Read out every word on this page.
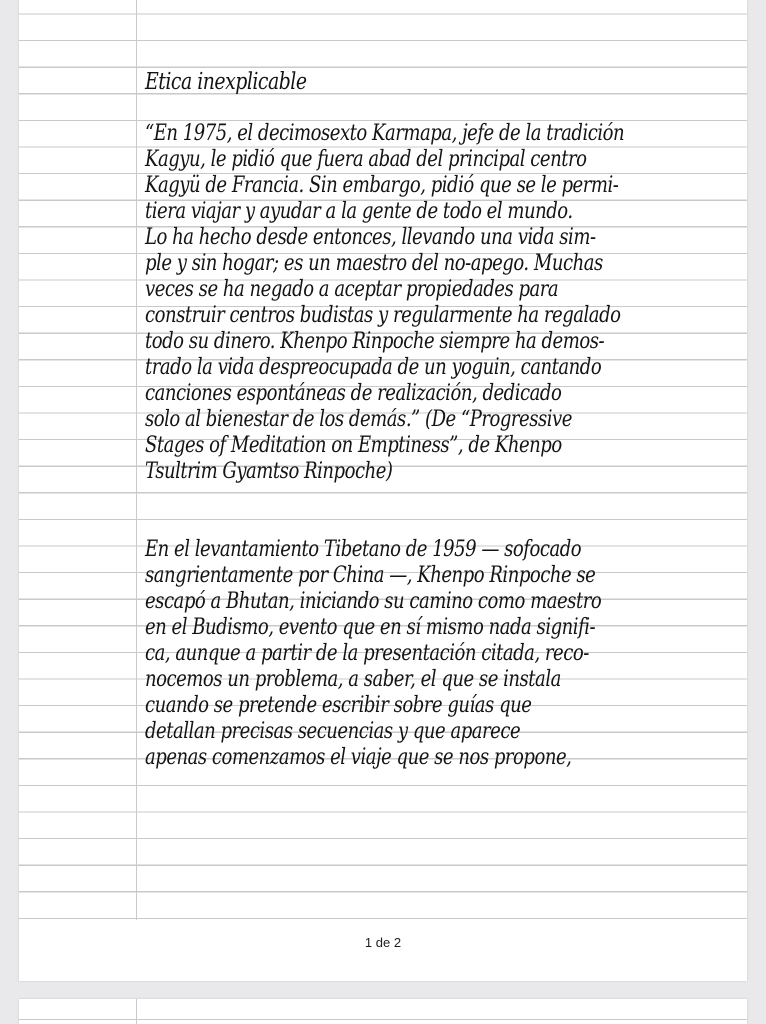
Etica inexplicable
“En 1975, el decimosexto Karmapa, jefe de la tradición
Kagyu, le pidió que fuera abad del principal centro
Kagyü de Francia. Sin embargo, pidió que se le permi-
tiera viajar y ayudar a la gente de todo el mundo.
Lo ha hecho desde entonces, llevando una vida sim-
ple y sin hogar; es un maestro del no-apego. Muchas
veces se ha negado a aceptar propiedades para
construir centros budistas y regularmente ha regalado
todo su dinero. Khenpo Rinpoche siempre ha demos-
trado la vida despreocupada de un yoguin, cantando
canciones espontáneas de realización, dedicado
solo al bienestar de los demás.” (De “Progressive
Stages of Meditation on Emptiness”, de Khenpo
Tsultrim Gyamtso Rinpoche)
En el levantamiento Tibetano de 1959 — sofocado
sangrientamente por China —, Khenpo Rinpoche se
escapó a Bhutan, iniciando su camino como maestro
en el Budismo, evento que en sí mismo nada signifi-
ca, aunque a partir de la presentación citada, reco-
nocemos un problema, a saber, el que se instala
cuando se pretende escribir sobre guías que
detallan precisas secuencias y que aparece
apenas comenzamos el viaje que se nos propone,
1 de 2
